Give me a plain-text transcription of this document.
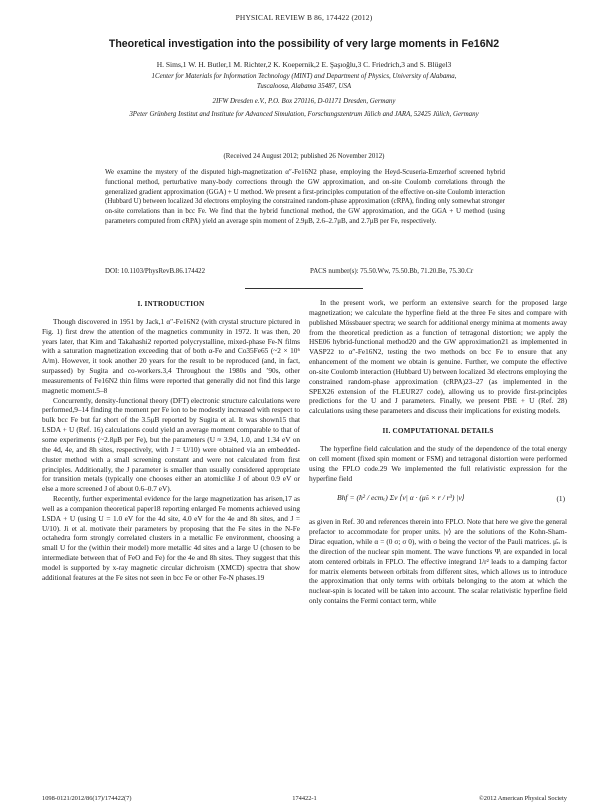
PHYSICAL REVIEW B 86, 174422 (2012)
Theoretical investigation into the possibility of very large moments in Fe16N2
H. Sims,1 W. H. Butler,1 M. Richter,2 K. Koepernik,2 E. Şaşıoğlu,3 C. Friedrich,3 and S. Blügel3
1Center for Materials for Information Technology (MINT) and Department of Physics, University of Alabama,
Tuscaloosa, Alabama 35487, USA
2IFW Dresden e.V., P.O. Box 270116, D-01171 Dresden, Germany
3Peter Grünberg Institut and Institute for Advanced Simulation, Forschungszentrum Jülich and JARA, 52425 Jülich, Germany
(Received 24 August 2012; published 26 November 2012)

We examine the mystery of the disputed high-magnetization α″-Fe16N2 phase, employing the Heyd-Scuseria-Ernzerhof screened hybrid functional method, perturbative many-body corrections through the GW approximation, and on-site Coulomb correlations through the generalized gradient approximation (GGA) + U method. We present a first-principles computation of the effective on-site Coulomb interaction (Hubbard U) between localized 3d electrons employing the constrained random-phase approximation (cRPA), finding only somewhat stronger on-site correlations than in bcc Fe. We find that the hybrid functional method, the GW approximation, and the GGA + U method (using parameters computed from cRPA) yield an average spin moment of 2.9μB, 2.6–2.7μB, and 2.7μB per Fe, respectively.

DOI: 10.1103/PhysRevB.86.174422	PACS number(s): 75.50.Ww, 75.50.Bb, 71.20.Be, 75.30.Cr
I. INTRODUCTION

Though discovered in 1951 by Jack,1 α″-Fe16N2 (with crystal structure pictured in Fig. 1) first drew the attention of the magnetics community in 1972. It was then, 20 years later, that Kim and Takahashi2 reported polycrystalline, mixed-phase Fe-N films with a saturation magnetization exceeding that of both α-Fe and Co35Fe65 (~2 × 10⁶ A/m). However, it took another 20 years for the result to be reproduced (and, in fact, surpassed) by Sugita and co-workers.3,4 Throughout the 1980s and ’90s, other measurements of Fe16N2 thin films were reported that generally did not find this large magnetic moment.5–8

Concurrently, density-functional theory (DFT) electronic structure calculations were performed,9–14 finding the moment per Fe ion to be modestly increased with respect to bulk bcc Fe but far short of the 3.5μB reported by Sugita et al. It was shown15 that LSDA + U (Ref. 16) calculations could yield an average moment comparable to that of some experiments (~2.8μB per Fe), but the parameters (U ≈ 3.94, 1.0, and 1.34 eV on the 4d, 4e, and 8h sites, respectively, with J = U/10) were obtained via an embedded-cluster method with a small screening constant and were not calculated from first principles. Additionally, the J parameter is smaller than usually considered appropriate for transition metals (typically one chooses either an atomiclike J of about 0.9 eV or else a more screened J of about 0.6–0.7 eV).

Recently, further experimental evidence for the large magnetization has arisen,17 as well as a companion theoretical paper18 reporting enlarged Fe moments achieved using LSDA + U (using U = 1.0 eV for the 4d site, 4.0 eV for the 4e and 8h sites, and J = U/10). Ji et al. motivate their parameters by proposing that the Fe sites in the N-Fe octahedra form strongly correlated clusters in a metallic Fe environment, choosing a small U for the (within their model) more metallic 4d sites and a large U (chosen to be intermediate between that of FeO and Fe) for the 4e and 8h sites. They suggest that this model is supported by x-ray magnetic circular dichroism (XMCD) spectra that show additional features at the Fe sites not seen in bcc Fe or other Fe-N phases.19

In the present work, we perform an extensive search for the proposed large magnetization; we calculate the hyperfine field at the three Fe sites and compare with published Mössbauer spectra; we search for additional energy minima at moments away from the theoretical prediction as a function of tetragonal distortion; we apply the HSE06 hybrid-functional method20 and the GW approximation21 as implemented in VASP22 to α″-Fe16N2, testing the two methods on bcc Fe to ensure that any enhancement of the moment we obtain is genuine. Further, we compute the effective on-site Coulomb interaction (Hubbard U) between localized 3d electrons employing the constrained random-phase approximation (cRPA)23–27 (as implemented in the SPEX26 extension of the FLEUR27 code), allowing us to provide first-principles predictions for the U and J parameters. Finally, we present PBE + U (Ref. 28) calculations using these parameters and discuss their implications for existing models.

II. COMPUTATIONAL DETAILS

The hyperfine field calculation and the study of the dependence of the total energy on cell moment (fixed spin moment or FSM) and tetragonal distortion were performed using the FPLO code.29 We implemented the full relativistic expression for the hyperfine field

Bhf = (ħ² / ecmₑ) Σν ⟨ν| α · (μ̂ₙ × r / r³) |ν⟩	(1)

as given in Ref. 30 and references therein into FPLO. Note that here we give the general prefactor to accommodate for proper units. |ν⟩ are the solutions of the Kohn-Sham-Dirac equation, while α = (0 σ; σ 0), with σ being the vector of the Pauli matrices. μ̂ₙ is the direction of the nuclear spin moment. The wave functions Ψᵢ are expanded in local atom centered orbitals in FPLO. The effective integrand 1/r² leads to a damping factor for matrix elements between orbitals from different sites, which allows us to introduce the approximation that only terms with orbitals belonging to the atom at which the nuclear-spin is located will be taken into account. The scalar relativistic hyperfine field only contains the Fermi contact term, while

1098-0121/2012/86(17)/174422(7)	174422-1	©2012 American Physical Society
